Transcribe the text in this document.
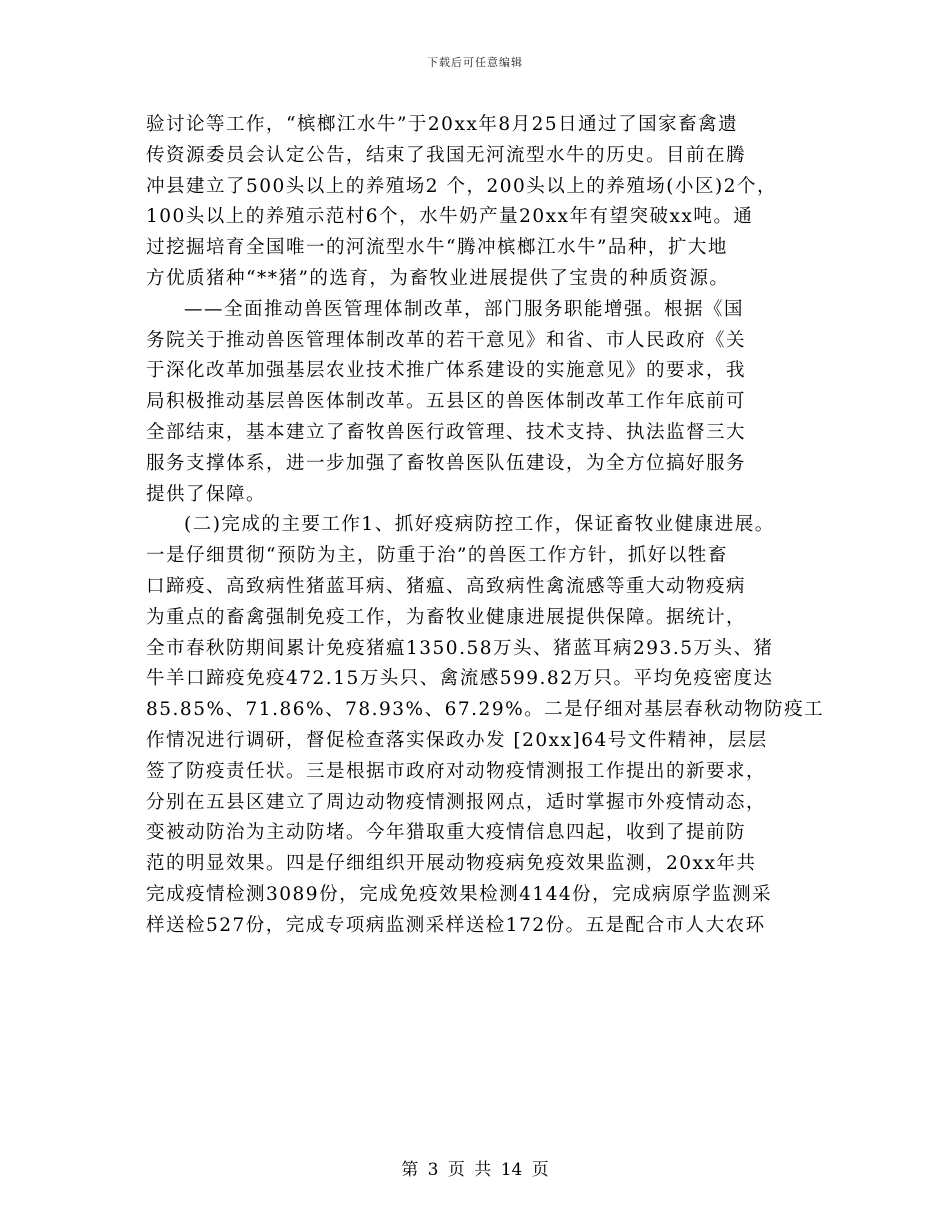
下载后可任意编辑
验讨论等工作，“槟榔江水牛”于20xx年8月25日通过了国家畜禽遗
传资源委员会认定公告，结束了我国无河流型水牛的历史。目前在腾
冲县建立了500头以上的养殖场2 个，200头以上的养殖场(小区)2个，
100头以上的养殖示范村6个，水牛奶产量20xx年有望突破xx吨。通
过挖掘培育全国唯一的河流型水牛“腾冲槟榔江水牛”品种，扩大地
方优质猪种“**猪”的选育，为畜牧业进展提供了宝贵的种质资源。
——全面推动兽医管理体制改革，部门服务职能增强。根据《国
务院关于推动兽医管理体制改革的若干意见》和省、市人民政府《关
于深化改革加强基层农业技术推广体系建设的实施意见》的要求，我
局积极推动基层兽医体制改革。五县区的兽医体制改革工作年底前可
全部结束，基本建立了畜牧兽医行政管理、技术支持、执法监督三大
服务支撑体系，进一步加强了畜牧兽医队伍建设，为全方位搞好服务
提供了保障。
(二)完成的主要工作1、抓好疫病防控工作，保证畜牧业健康进展。
一是仔细贯彻“预防为主，防重于治”的兽医工作方针，抓好以牲畜
口蹄疫、高致病性猪蓝耳病、猪瘟、高致病性禽流感等重大动物疫病
为重点的畜禽强制免疫工作，为畜牧业健康进展提供保障。据统计，
全市春秋防期间累计免疫猪瘟1350.58万头、猪蓝耳病293.5万头、猪
牛羊口蹄疫免疫472.15万头只、禽流感599.82万只。平均免疫密度达
85.85%、71.86%、78.93%、67.29%。二是仔细对基层春秋动物防疫工
作情况进行调研，督促检查落实保政办发 [20xx]64号文件精神，层层
签了防疫责任状。三是根据市政府对动物疫情测报工作提出的新要求，
分别在五县区建立了周边动物疫情测报网点，适时掌握市外疫情动态，
变被动防治为主动防堵。今年猎取重大疫情信息四起，收到了提前防
范的明显效果。四是仔细组织开展动物疫病免疫效果监测，20xx年共
完成疫情检测3089份，完成免疫效果检测4144份，完成病原学监测采
样送检527份，完成专项病监测采样送检172份。五是配合市人大农环
第 3 页 共 14 页
